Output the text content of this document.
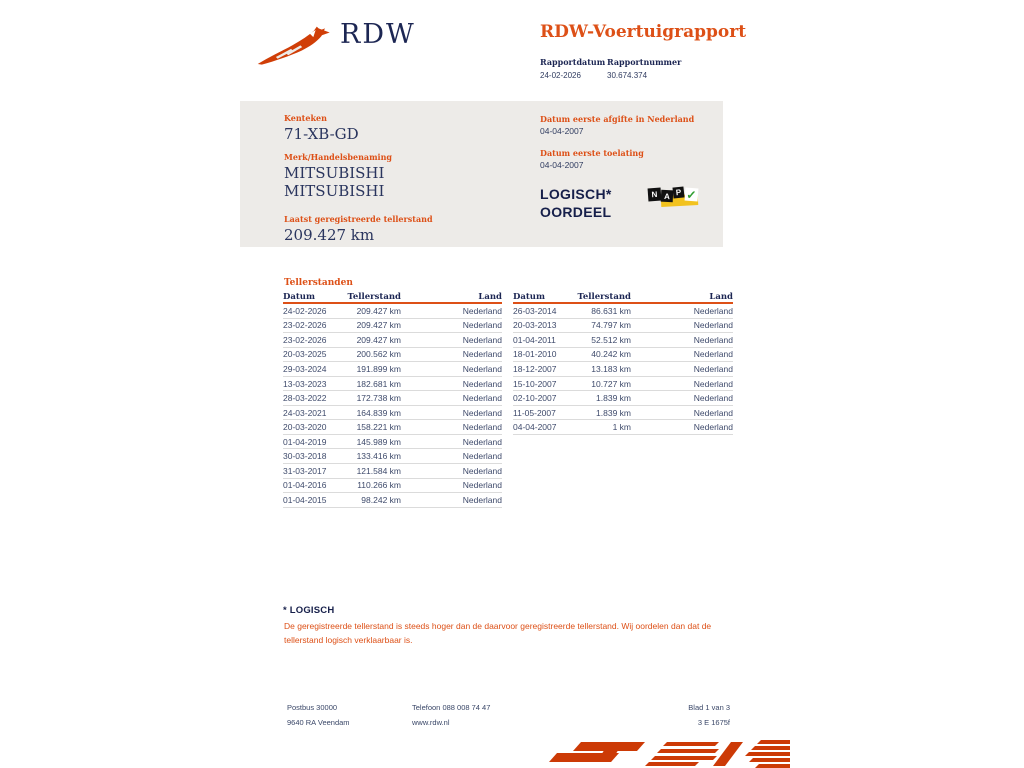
RDW	RDW-Voertuigrapport
Rapportdatum
24-02-2026
Rapportnummer
30.674.374
Kenteken
71-XB-GD
Merk/Handelsbenaming
MITSUBISHI
MITSUBISHI
Laatst geregistreerde tellerstand
209.427 km
Datum eerste afgifte in Nederland
04-04-2007
Datum eerste toelating
04-04-2007
LOGISCH*
OORDEEL
N A P ✓
Tellerstanden
Datum	Tellerstand	Land
24-02-2026	209.427 km	Nederland
23-02-2026	209.427 km	Nederland
23-02-2026	209.427 km	Nederland
20-03-2025	200.562 km	Nederland
29-03-2024	191.899 km	Nederland
13-03-2023	182.681 km	Nederland
28-03-2022	172.738 km	Nederland
24-03-2021	164.839 km	Nederland
20-03-2020	158.221 km	Nederland
01-04-2019	145.989 km	Nederland
30-03-2018	133.416 km	Nederland
31-03-2017	121.584 km	Nederland
01-04-2016	110.266 km	Nederland
01-04-2015	98.242 km	Nederland
Datum	Tellerstand	Land
26-03-2014	86.631 km	Nederland
20-03-2013	74.797 km	Nederland
01-04-2011	52.512 km	Nederland
18-01-2010	40.242 km	Nederland
18-12-2007	13.183 km	Nederland
15-10-2007	10.727 km	Nederland
02-10-2007	1.839 km	Nederland
11-05-2007	1.839 km	Nederland
04-04-2007	1 km	Nederland
* LOGISCH
De geregistreerde tellerstand is steeds hoger dan de daarvoor geregistreerde tellerstand. Wij oordelen dan dat de tellerstand logisch verklaarbaar is.
Postbus 30000
9640 RA Veendam
Telefoon 088 008 74 47
www.rdw.nl
Blad 1 van 3
3 E 1675f
